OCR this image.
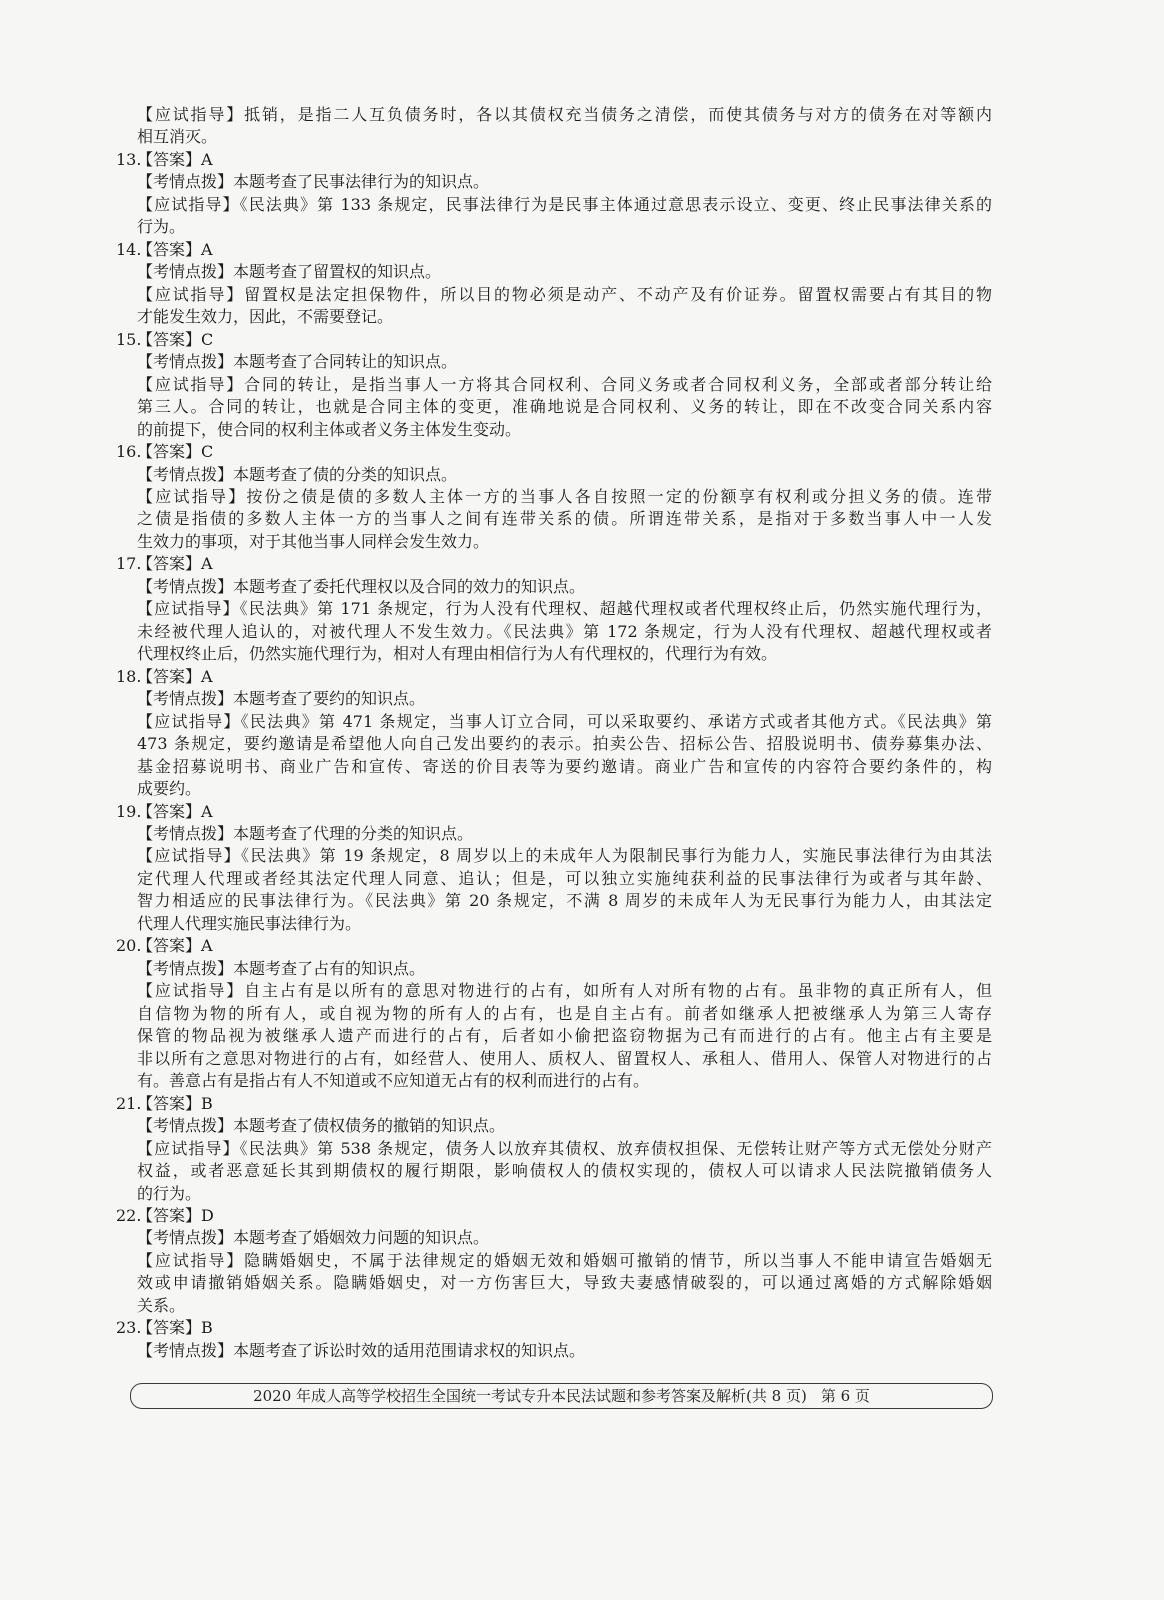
【应试指导】抵销，是指二人互负债务时，各以其债权充当债务之清偿，而使其债务与对方的债务在对等额内
相互消灭。
13.
【答案】A
【考情点拨】本题考查了民事法律行为的知识点。
【应试指导】《民法典》第 133 条规定，民事法律行为是民事主体通过意思表示设立、变更、终止民事法律关系的
行为。
14.
【答案】A
【考情点拨】本题考查了留置权的知识点。
【应试指导】留置权是法定担保物件，所以目的物必须是动产、不动产及有价证券。留置权需要占有其目的物
才能发生效力，因此，不需要登记。
15.
【答案】C
【考情点拨】本题考查了合同转让的知识点。
【应试指导】合同的转让，是指当事人一方将其合同权利、合同义务或者合同权利义务，全部或者部分转让给
第三人。合同的转让，也就是合同主体的变更，准确地说是合同权利、义务的转让，即在不改变合同关系内容
的前提下，使合同的权利主体或者义务主体发生变动。
16.
【答案】C
【考情点拨】本题考查了债的分类的知识点。
【应试指导】按份之债是债的多数人主体一方的当事人各自按照一定的份额享有权利或分担义务的债。连带
之债是指债的多数人主体一方的当事人之间有连带关系的债。所谓连带关系，是指对于多数当事人中一人发
生效力的事项，对于其他当事人同样会发生效力。
17.
【答案】A
【考情点拨】本题考查了委托代理权以及合同的效力的知识点。
【应试指导】《民法典》第 171 条规定，行为人没有代理权、超越代理权或者代理权终止后，仍然实施代理行为，
未经被代理人追认的，对被代理人不发生效力。《民法典》第 172 条规定，行为人没有代理权、超越代理权或者
代理权终止后，仍然实施代理行为，相对人有理由相信行为人有代理权的，代理行为有效。
18.
【答案】A
【考情点拨】本题考查了要约的知识点。
【应试指导】《民法典》第 471 条规定，当事人订立合同，可以采取要约、承诺方式或者其他方式。《民法典》第
473 条规定，要约邀请是希望他人向自己发出要约的表示。拍卖公告、招标公告、招股说明书、债券募集办法、
基金招募说明书、商业广告和宣传、寄送的价目表等为要约邀请。商业广告和宣传的内容符合要约条件的，构
成要约。
19.
【答案】A
【考情点拨】本题考查了代理的分类的知识点。
【应试指导】《民法典》第 19 条规定，8 周岁以上的未成年人为限制民事行为能力人，实施民事法律行为由其法
定代理人代理或者经其法定代理人同意、追认；但是，可以独立实施纯获利益的民事法律行为或者与其年龄、
智力相适应的民事法律行为。《民法典》第 20 条规定，不满 8 周岁的未成年人为无民事行为能力人，由其法定
代理人代理实施民事法律行为。
20.
【答案】A
【考情点拨】本题考查了占有的知识点。
【应试指导】自主占有是以所有的意思对物进行的占有，如所有人对所有物的占有。虽非物的真正所有人，但
自信物为物的所有人，或自视为物的所有人的占有，也是自主占有。前者如继承人把被继承人为第三人寄存
保管的物品视为被继承人遗产而进行的占有，后者如小偷把盗窃物据为己有而进行的占有。他主占有主要是
非以所有之意思对物进行的占有，如经营人、使用人、质权人、留置权人、承租人、借用人、保管人对物进行的占
有。善意占有是指占有人不知道或不应知道无占有的权利而进行的占有。
21.
【答案】B
【考情点拨】本题考查了债权债务的撤销的知识点。
【应试指导】《民法典》第 538 条规定，债务人以放弃其债权、放弃债权担保、无偿转让财产等方式无偿处分财产
权益，或者恶意延长其到期债权的履行期限，影响债权人的债权实现的，债权人可以请求人民法院撤销债务人
的行为。
22.
【答案】D
【考情点拨】本题考查了婚姻效力问题的知识点。
【应试指导】隐瞒婚姻史，不属于法律规定的婚姻无效和婚姻可撤销的情节，所以当事人不能申请宣告婚姻无
效或申请撤销婚姻关系。隐瞒婚姻史，对一方伤害巨大，导致夫妻感情破裂的，可以通过离婚的方式解除婚姻
关系。
23.
【答案】B
【考情点拨】本题考查了诉讼时效的适用范围请求权的知识点。
2020 年成人高等学校招生全国统一考试专升本民法试题和参考答案及解析(共 8 页) 第 6 页
